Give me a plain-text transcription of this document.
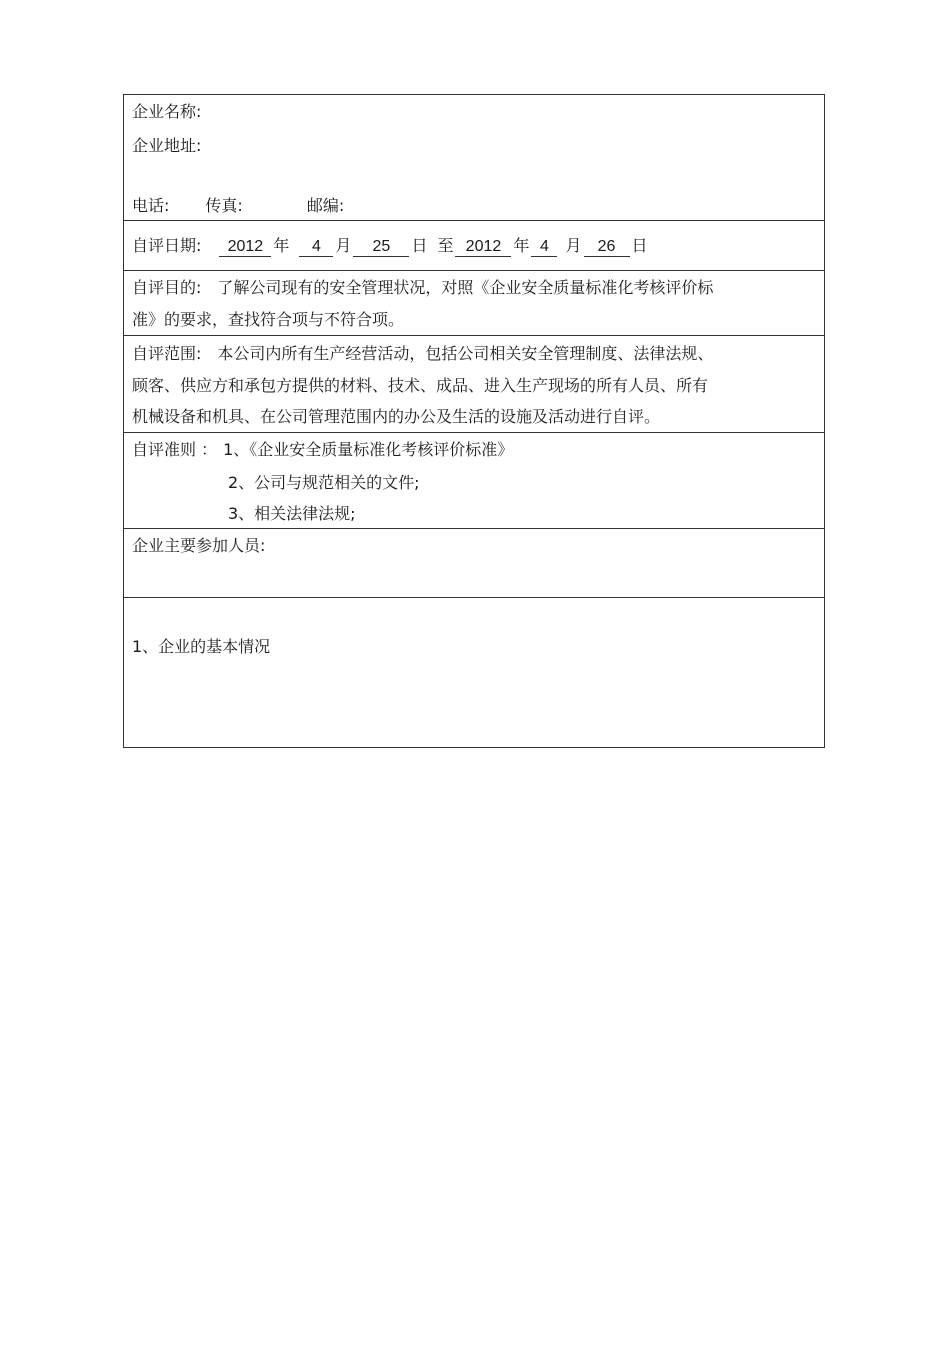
企业名称:
企业地址:
电话: 传真:	邮编:
自评日期: 2012 年 4 月 25 日 至 2012 年 4 月 26 日
自评目的: 了解公司现有的安全管理状况，对照《企业安全质量标准化考核评价标
准》的要求，查找符合项与不符合项。
自评范围: 本公司内所有生产经营活动，包括公司相关安全管理制度、法律法规、
顾客、供应方和承包方提供的材料、技术、成品、进入生产现场的所有人员、所有
机械设备和机具、在公司管理范围内的办公及生活的设施及活动进行自评。
自评准则 ： 1、《企业安全质量标准化考核评价标准》
2、公司与规范相关的文件;
3、相关法律法规;
企业主要参加人员:
1、企业的基本情况
